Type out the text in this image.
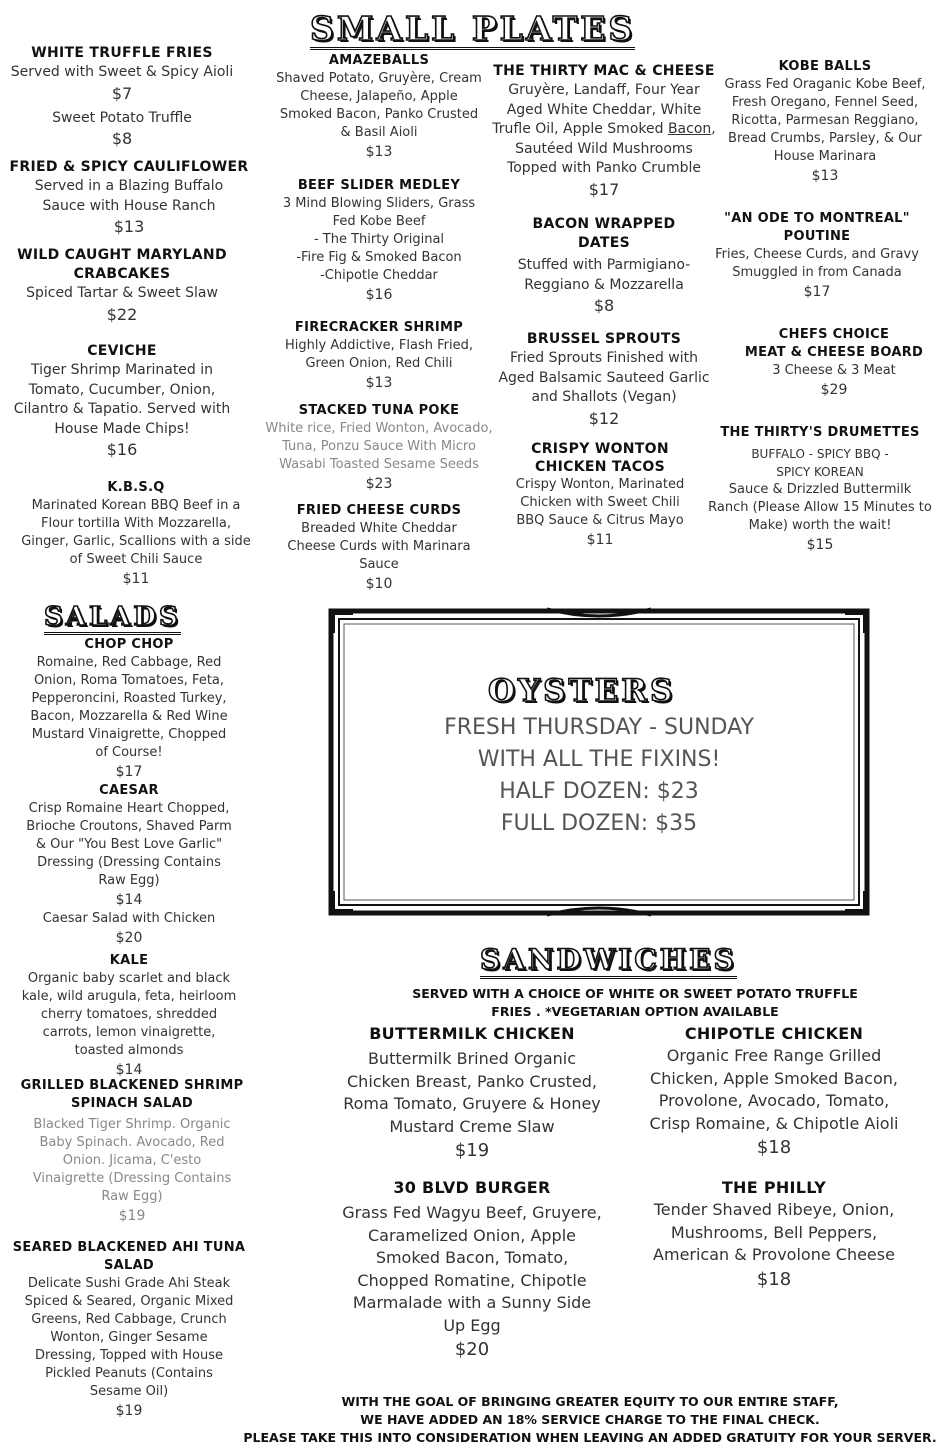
SMALL PLATES
SALADS
SANDWICHES
WHITE TRUFFLE FRIES
Served with Sweet & Spicy Aioli
$7
Sweet Potato Truffle
$8
FRIED & SPICY CAULIFLOWER
Served in a Blazing Buffalo
Sauce with House Ranch
$13
WILD CAUGHT MARYLAND
CRABCAKES
Spiced Tartar & Sweet Slaw
$22
CEVICHE
Tiger Shrimp Marinated in
Tomato, Cucumber, Onion,
Cilantro & Tapatio. Served with
House Made Chips!
$16
K.B.S.Q
Marinated Korean BBQ Beef in a
Flour tortilla With Mozzarella,
Ginger, Garlic, Scallions with a side
of Sweet Chili Sauce
$11
AMAZEBALLS
Shaved Potato, Gruyère, Cream
Cheese, Jalapeño, Apple
Smoked Bacon, Panko Crusted
& Basil Aioli
$13
BEEF SLIDER MEDLEY
3 Mind Blowing Sliders, Grass
Fed Kobe Beef
- The Thirty Original
-Fire Fig & Smoked Bacon
-Chipotle Cheddar
$16
FIRECRACKER SHRIMP
Highly Addictive, Flash Fried,
Green Onion, Red Chili
$13
STACKED TUNA POKE
White rice, Fried Wonton, Avocado,
Tuna, Ponzu Sauce With Micro
Wasabi Toasted Sesame Seeds
$23
FRIED CHEESE CURDS
Breaded White Cheddar
Cheese Curds with Marinara
Sauce
$10
THE THIRTY MAC & CHEESE
Gruyère, Landaff, Four Year
Aged White Cheddar, White
Trufle Oil, Apple Smoked Bacon,
Sautéed Wild Mushrooms
Topped with Panko Crumble
$17
BACON WRAPPED
DATES
Stuffed with Parmigiano-
Reggiano & Mozzarella
$8
BRUSSEL SPROUTS
Fried Sprouts Finished with
Aged Balsamic Sauteed Garlic
and Shallots (Vegan)
$12
CRISPY WONTON
CHICKEN TACOS
Crispy Wonton, Marinated
Chicken with Sweet Chili
BBQ Sauce & Citrus Mayo
$11
KOBE BALLS
Grass Fed Oraganic Kobe Beef,
Fresh Oregano, Fennel Seed,
Ricotta, Parmesan Reggiano,
Bread Crumbs, Parsley, & Our
House Marinara
$13
"AN ODE TO MONTREAL"
POUTINE
Fries, Cheese Curds, and Gravy
Smuggled in from Canada
$17
CHEFS CHOICE
MEAT & CHEESE BOARD
3 Cheese & 3 Meat
$29
THE THIRTY'S DRUMETTES
BUFFALO - SPICY BBQ -
SPICY KOREAN
Sauce & Drizzled Buttermilk
Ranch (Please Allow 15 Minutes to
Make) worth the wait!
$15
CHOP CHOP
Romaine, Red Cabbage, Red
Onion, Roma Tomatoes, Feta,
Pepperoncini, Roasted Turkey,
Bacon, Mozzarella & Red Wine
Mustard Vinaigrette, Chopped
of Course!
$17
CAESAR
Crisp Romaine Heart Chopped,
Brioche Croutons, Shaved Parm
& Our "You Best Love Garlic"
Dressing (Dressing Contains
Raw Egg)
$14
Caesar Salad with Chicken
$20
KALE
Organic baby scarlet and black
kale, wild arugula, feta, heirloom
cherry tomatoes, shredded
carrots, lemon vinaigrette,
toasted almonds
$14
GRILLED BLACKENED SHRIMP
SPINACH SALAD
Blacked Tiger Shrimp. Organic
Baby Spinach. Avocado, Red
Onion. Jicama, C'esto
Vinaigrette (Dressing Contains
Raw Egg)
$19
SEARED BLACKENED AHI TUNA
SALAD
Delicate Sushi Grade Ahi Steak
Spiced & Seared, Organic Mixed
Greens, Red Cabbage, Crunch
Wonton, Ginger Sesame
Dressing, Topped with House
Pickled Peanuts (Contains
Sesame Oil)
$19
OYSTERS
FRESH THURSDAY - SUNDAY
WITH ALL THE FIXINS!
HALF DOZEN: $23
FULL DOZEN: $35
SERVED WITH A CHOICE OF WHITE OR SWEET POTATO TRUFFLE
FRIES . *VEGETARIAN OPTION AVAILABLE
BUTTERMILK CHICKEN
Buttermilk Brined Organic
Chicken Breast, Panko Crusted,
Roma Tomato, Gruyere & Honey
Mustard Creme Slaw
$19
CHIPOTLE CHICKEN
Organic Free Range Grilled
Chicken, Apple Smoked Bacon,
Provolone, Avocado, Tomato,
Crisp Romaine, & Chipotle Aioli
$18
30 BLVD BURGER
Grass Fed Wagyu Beef, Gruyere,
Caramelized Onion, Apple
Smoked Bacon, Tomato,
Chopped Romatine, Chipotle
Marmalade with a Sunny Side
Up Egg
$20
THE PHILLY
Tender Shaved Ribeye, Onion,
Mushrooms, Bell Peppers,
American & Provolone Cheese
$18
WITH THE GOAL OF BRINGING GREATER EQUITY TO OUR ENTIRE STAFF,
WE HAVE ADDED AN 18% SERVICE CHARGE TO THE FINAL CHECK.
PLEASE TAKE THIS INTO CONSIDERATION WHEN LEAVING AN ADDED GRATUITY FOR YOUR SERVER.
